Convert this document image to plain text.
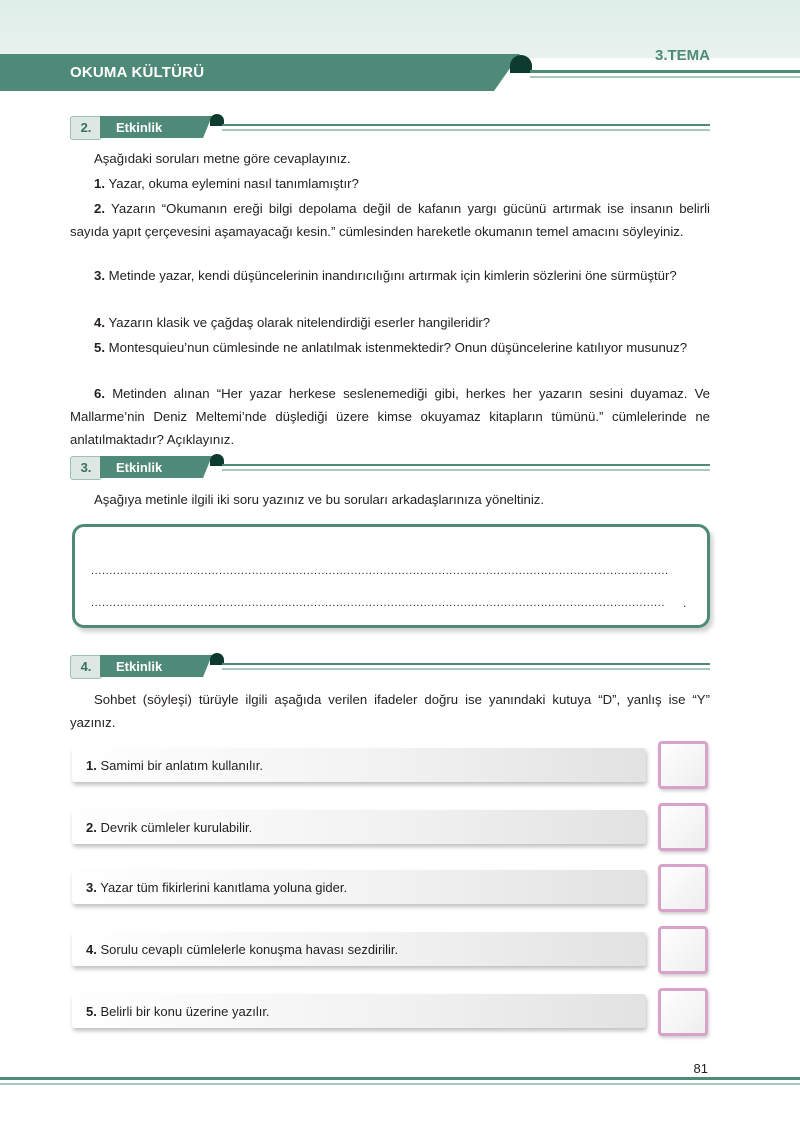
OKUMA KÜLTÜRÜ
3.TEMA
2.	Etkinlik

Aşağıdaki soruları metne göre cevaplayınız.

1. Yazar, okuma eylemini nasıl tanımlamıştır?

2. Yazarın “Okumanın ereği bilgi depolama değil de kafanın yargı gücünü artırmak ise insanın belirli sayıda yapıt çerçevesini aşamayacağı kesin.” cümlesinden hareketle okumanın temel amacını söyleyiniz.

3. Metinde yazar, kendi düşüncelerinin inandırıcılığını artırmak için kimlerin sözlerini öne sürmüştür?

4. Yazarın klasik ve çağdaş olarak nitelendirdiği eserler hangileridir?

5. Montesquieu’nun cümlesinde ne anlatılmak istenmektedir? Onun düşüncelerine katılıyor musunuz?

6. Metinden alınan “Her yazar herkese seslenemediği gibi, herkes her yazarın sesini duyamaz. Ve Mallarme’nin Deniz Meltemi’nde düşlediği üzere kimse okuyamaz kitapların tümünü.” cümlelerinde ne anlatılmaktadır? Açıklayınız.

3.	Etkinlik

Aşağıya metinle ilgili iki soru yazınız ve bu soruları arkadaşlarınıza yöneltiniz.

..............................................................................................................................................................
.............................................................................................................................................................	.
4.	Etkinlik

Sohbet (söyleşi) türüyle ilgili aşağıda verilen ifadeler doğru ise yanındaki kutuya “D”, yanlış ise “Y” yazınız.

1. Samimi bir anlatım kullanılır.
2. Devrik cümleler kurulabilir.
3. Yazar tüm fikirlerini kanıtlama yoluna gider.
4. Sorulu cevaplı cümlelerle konuşma havası sezdirilir.
5. Belirli bir konu üzerine yazılır.
81
